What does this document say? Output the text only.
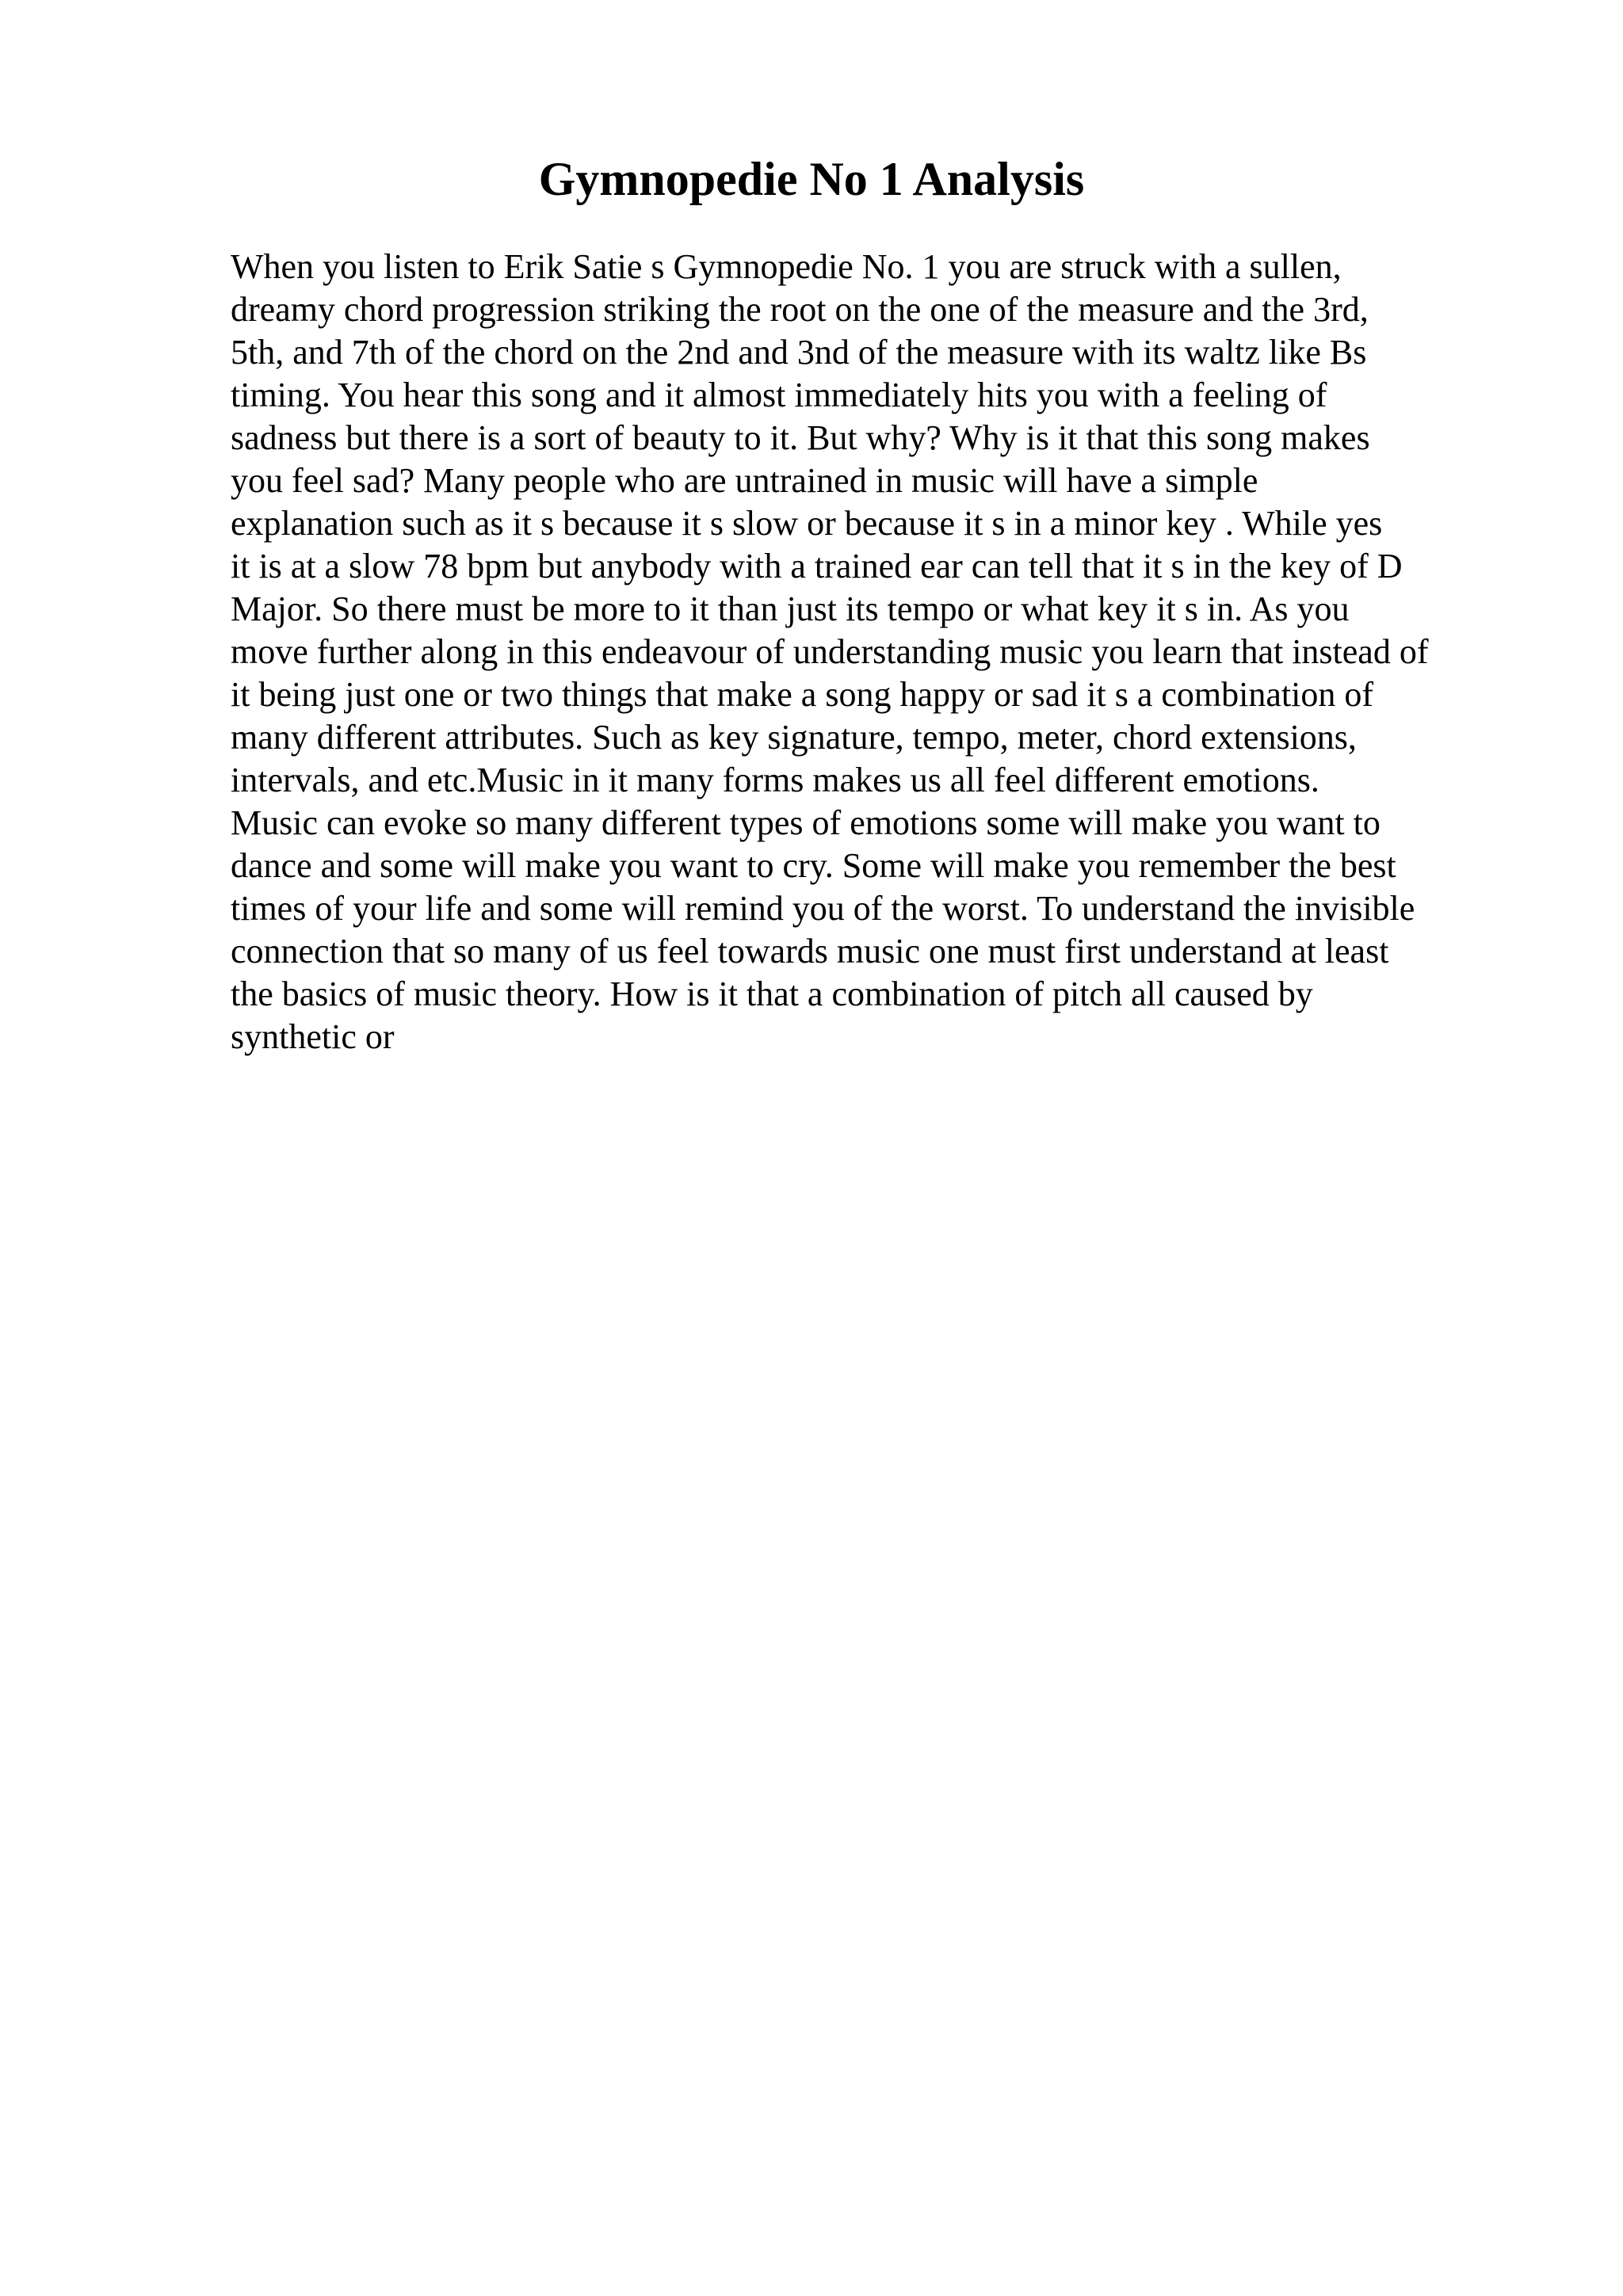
Gymnopedie No 1 Analysis
When you listen to Erik Satie s Gymnopedie No. 1 you are struck with a sullen,
dreamy chord progression striking the root on the one of the measure and the 3rd,
5th, and 7th of the chord on the 2nd and 3nd of the measure with its waltz like Bs
timing. You hear this song and it almost immediately hits you with a feeling of
sadness but there is a sort of beauty to it. But why? Why is it that this song makes
you feel sad? Many people who are untrained in music will have a simple
explanation such as it s because it s slow or because it s in a minor key . While yes
it is at a slow 78 bpm but anybody with a trained ear can tell that it s in the key of D
Major. So there must be more to it than just its tempo or what key it s in. As you
move further along in this endeavour of understanding music you learn that instead of
it being just one or two things that make a song happy or sad it s a combination of
many different attributes. Such as key signature, tempo, meter, chord extensions,
intervals, and etc.Music in it many forms makes us all feel different emotions.
Music can evoke so many different types of emotions some will make you want to
dance and some will make you want to cry. Some will make you remember the best
times of your life and some will remind you of the worst. To understand the invisible
connection that so many of us feel towards music one must first understand at least
the basics of music theory. How is it that a combination of pitch all caused by
synthetic or
